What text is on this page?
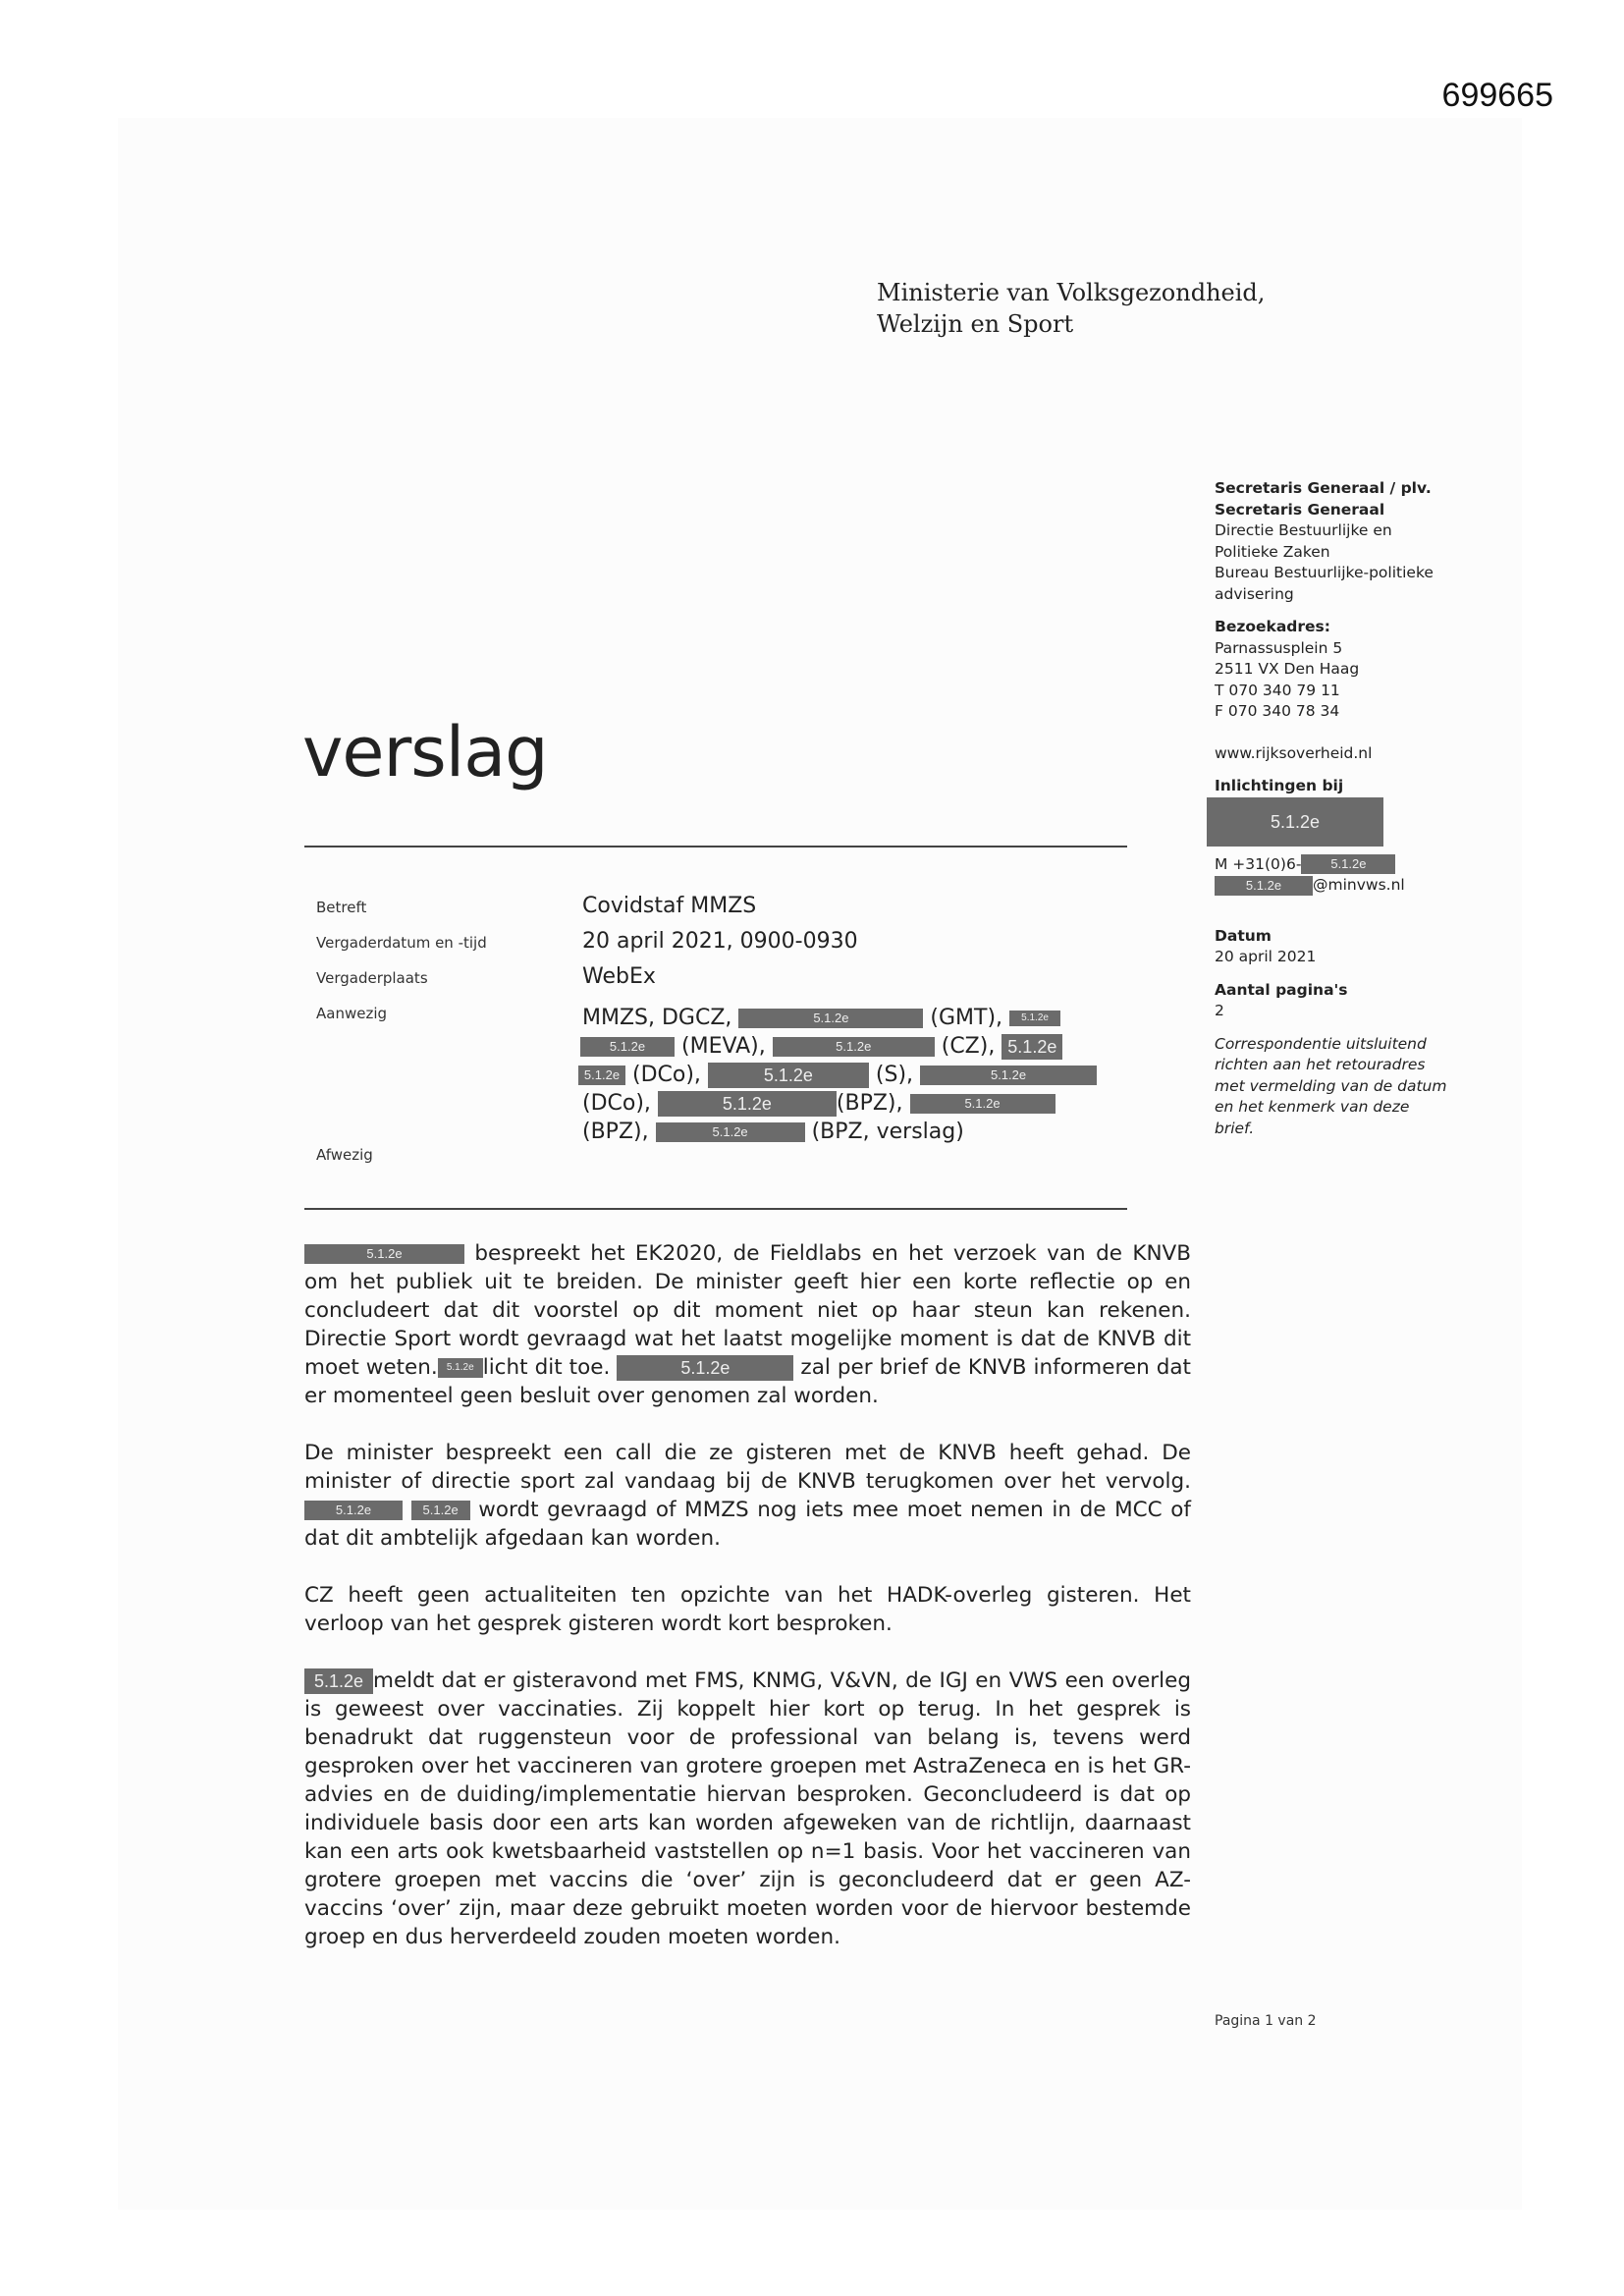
699665
Ministerie van Volksgezondheid,
Welzijn en Sport
verslag
Betreft	Covidstaf MMZS
Vergaderdatum en -tijd	20 april 2021, 0900-0930
Vergaderplaats	WebEx
Aanwezig	MMZS, DGCZ,	5.1.2e	(GMT), 5.1.2e
5.1.2e (MEVA),	5.1.2e	(CZ), 5.1.2e
5.1.2e (DCo),	5.1.2e	(S),	5.1.2e
(DCo),	5.1.2e	(BPZ),	5.1.2e
(BPZ),	5.1.2e	(BPZ, verslag)
Afwezig

5.1.2e	bespreekt het EK2020, de Fieldlabs en het verzoek van de KNVB om het publiek uit te breiden. De minister geeft hier een korte reflectie op en concludeert dat dit voorstel op dit moment niet op haar steun kan rekenen. Directie Sport wordt gevraagd wat het laatst mogelijke moment is dat de KNVB dit moet weten. 5.1.2e licht dit toe.	5.1.2e	zal per brief de KNVB informeren dat er momenteel geen besluit over genomen zal worden.

De minister bespreekt een call die ze gisteren met de KNVB heeft gehad. De minister of directie sport zal vandaag bij de KNVB terugkomen over het vervolg. 5.1.2e	5.1.2e wordt gevraagd of MMZS nog iets mee moet nemen in de MCC of dat dit ambtelijk afgedaan kan worden.

CZ heeft geen actualiteiten ten opzichte van het HADK-overleg gisteren. Het verloop van het gesprek gisteren wordt kort besproken.

5.1.2e meldt dat er gisteravond met FMS, KNMG, V&VN, de IGJ en VWS een overleg is geweest over vaccinaties. Zij koppelt hier kort op terug. In het gesprek is benadrukt dat ruggensteun voor de professional van belang is, tevens werd gesproken over het vaccineren van grotere groepen met AstraZeneca en is het GR-advies en de duiding/implementatie hiervan besproken. Geconcludeerd is dat op individuele basis door een arts kan worden afgeweken van de richtlijn, daarnaast kan een arts ook kwetsbaarheid vaststellen op n=1 basis. Voor het vaccineren van grotere groepen met vaccins die ‘over’ zijn is geconcludeerd dat er geen AZ-vaccins ‘over’ zijn, maar deze gebruikt moeten worden voor de hiervoor bestemde groep en dus herverdeeld zouden moeten worden.

Secretaris Generaal / plv.
Secretaris Generaal
Directie Bestuurlijke en
Politieke Zaken
Bureau Bestuurlijke-politieke
advisering
Bezoekadres:
Parnassusplein 5
2511 VX Den Haag
T 070 340 79 11
F 070 340 78 34
www.rijksoverheid.nl
Inlichtingen bij

5.1.2e
M +31(0)6- 5.1.2e
5.1.2e @minvws.nl
Datum
20 april 2021
Aantal pagina's
2
Correspondentie uitsluitend
richten aan het retouradres
met vermelding van de datum
en het kenmerk van deze
brief.
Pagina 1 van 2
